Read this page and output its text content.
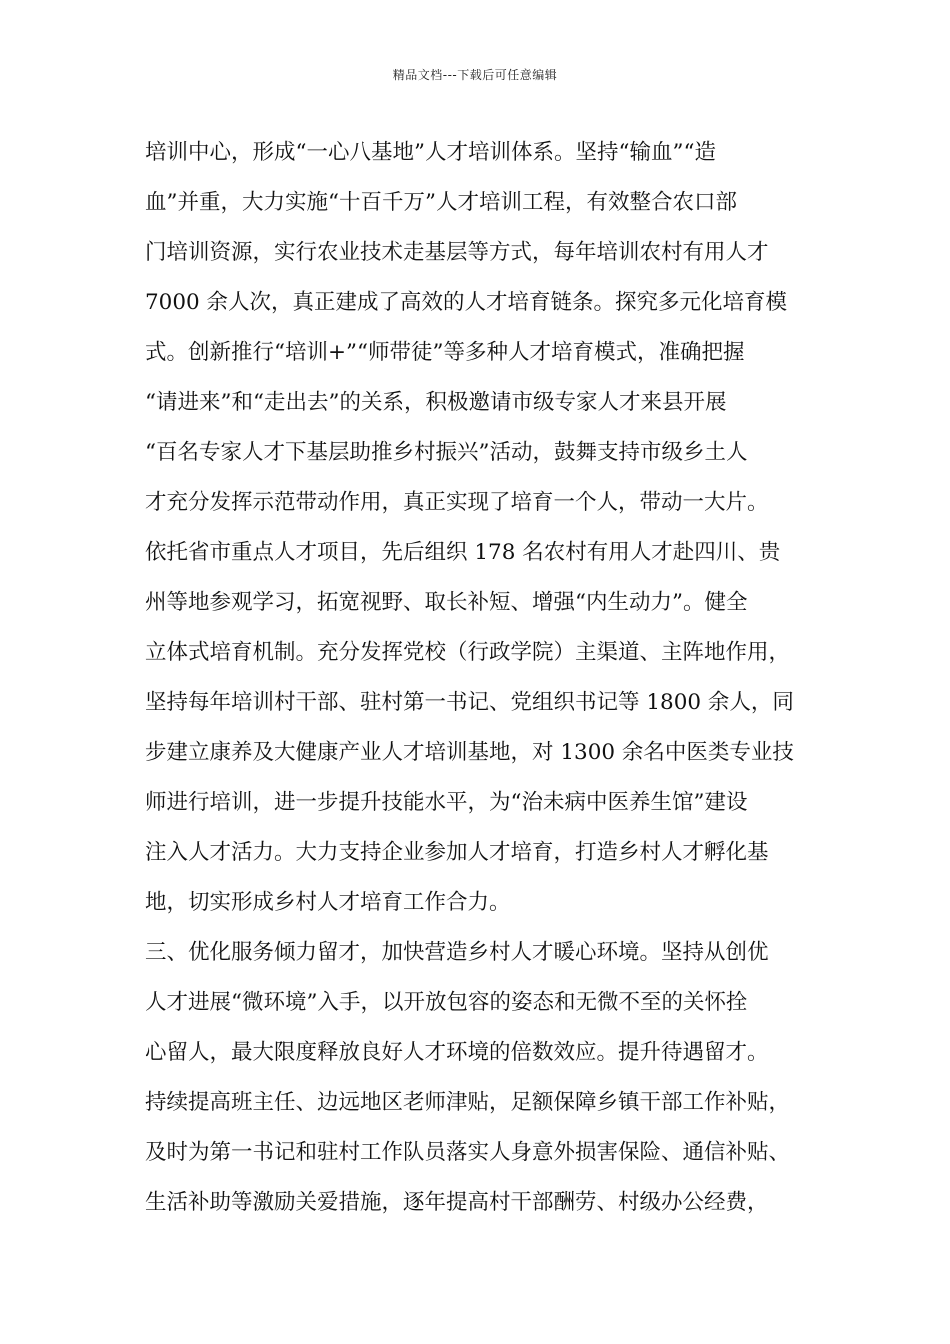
精品文档---下载后可任意编辑
培训中心，形成“一心八基地”人才培训体系。坚持“输血”“造
血”并重，大力实施“十百千万”人才培训工程，有效整合农口部
门培训资源，实行农业技术走基层等方式，每年培训农村有用人才
7000 余人次，真正建成了高效的人才培育链条。探究多元化培育模
式。创新推行“培训+”“师带徒”等多种人才培育模式，准确把握
“请进来”和“走出去”的关系，积极邀请市级专家人才来县开展
“百名专家人才下基层助推乡村振兴”活动，鼓舞支持市级乡土人
才充分发挥示范带动作用，真正实现了培育一个人，带动一大片。
依托省市重点人才项目，先后组织 178 名农村有用人才赴四川、贵
州等地参观学习，拓宽视野、取长补短、增强“内生动力”。健全
立体式培育机制。充分发挥党校（行政学院）主渠道、主阵地作用，
坚持每年培训村干部、驻村第一书记、党组织书记等 1800 余人，同
步建立康养及大健康产业人才培训基地，对 1300 余名中医类专业技
师进行培训，进一步提升技能水平，为“治未病中医养生馆”建设
注入人才活力。大力支持企业参加人才培育，打造乡村人才孵化基
地，切实形成乡村人才培育工作合力。
三、优化服务倾力留才，加快营造乡村人才暖心环境。坚持从创优
人才进展“微环境”入手，以开放包容的姿态和无微不至的关怀拴
心留人，最大限度释放良好人才环境的倍数效应。提升待遇留才。
持续提高班主任、边远地区老师津贴，足额保障乡镇干部工作补贴，
及时为第一书记和驻村工作队员落实人身意外损害保险、通信补贴、
生活补助等激励关爱措施，逐年提高村干部酬劳、村级办公经费，
